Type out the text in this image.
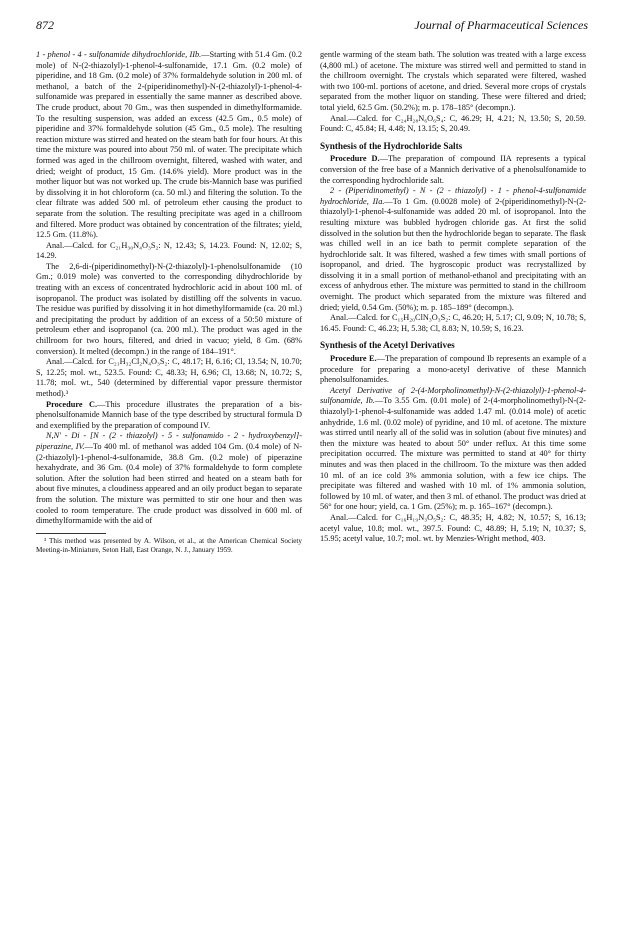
872	Journal of Pharmaceutical Sciences

1 - phenol - 4 - sulfonamide dihydrochloride, IIb.—Starting with 51.4 Gm. (0.2 mole) of N-(2-thiazolyl)-1-phenol-4-sulfonamide, 17.1 Gm. (0.2 mole) of piperidine, and 18 Gm. (0.2 mole) of 37% formaldehyde solution in 200 ml. of methanol, a batch of the 2-(piperidinomethyl)-N-(2-thiazolyl)-1-phenol-4-sulfonamide was prepared in essentially the same manner as described above. The crude product, about 70 Gm., was then suspended in dimethylformamide. To the resulting suspension, was added an excess (42.5 Gm., 0.5 mole) of piperidine and 37% formaldehyde solution (45 Gm., 0.5 mole). The resulting reaction mixture was stirred and heated on the steam bath for four hours. At this time the mixture was poured into about 750 ml. of water. The precipitate which formed was aged in the chillroom overnight, filtered, washed with water, and dried; weight of product, 15 Gm. (14.6% yield). More product was in the mother liquor but was not worked up. The crude bis-Mannich base was purified by dissolving it in hot chloroform (ca. 50 ml.) and filtering the solution. To the clear filtrate was added 500 ml. of petroleum ether causing the product to separate from the solution. The resulting precipitate was aged in a chillroom and filtered. More product was obtained by concentration of the filtrates; yield, 12.5 Gm. (11.8%).

Anal.—Calcd. for C₂₁H₃₀N₄O₃S₂: N, 12.43; S, 14.23. Found: N, 12.02; S, 14.29.

The 2,6-di-(piperidinomethyl)-N-(2-thiazolyl)-1-phenolsulfonamide (10 Gm.; 0.019 mole) was converted to the corresponding dihydrochloride by treating with an excess of concentrated hydrochloric acid in about 100 ml. of isopropanol. The product was isolated by distilling off the solvents in vacuo. The residue was purified by dissolving it in hot dimethylformamide (ca. 20 ml.) and precipitating the product by addition of an excess of a 50:50 mixture of petroleum ether and isopropanol (ca. 200 ml.). The product was aged in the chillroom for two hours, filtered, and dried in vacuo; yield, 8 Gm. (68% conversion). It melted (decompn.) in the range of 184–191°.

Anal.—Calcd. for C₂₁H₃₂Cl₂N₄O₃S₂: C, 48.17; H, 6.16; Cl, 13.54; N, 10.70; S, 12.25; mol. wt., 523.5. Found: C, 48.33; H, 6.96; Cl, 13.68; N, 10.72; S, 11.78; mol. wt., 540 (determined by differential vapor pressure thermistor method).³

Procedure C.—This procedure illustrates the preparation of a bis-phenolsulfonamide Mannich base of the type described by structural formula D and exemplified by the preparation of compound IV.

N,N′ - Di - [N - (2 - thiazolyl) - 5 - sulfonamido - 2 - hydroxybenzyl]-piperazine, IV.—To 400 ml. of methanol was added 104 Gm. (0.4 mole) of N-(2-thiazolyl)-1-phenol-4-sulfonamide, 38.8 Gm. (0.2 mole) of piperazine hexahydrate, and 36 Gm. (0.4 mole) of 37% formaldehyde to form complete solution. After the solution had been stirred and heated on a steam bath for about five minutes, a cloudiness appeared and an oily product began to separate from the solution. The mixture was permitted to stir one hour and then was cooled to room temperature. The crude product was dissolved in 600 ml. of dimethylformamide with the aid of

³ This method was presented by A. Wilson, et al., at the American Chemical Society Meeting-in-Miniature, Seton Hall, East Orange, N. J., January 1959.

gentle warming of the steam bath. The solution was treated with a large excess (4,800 ml.) of acetone. The mixture was stirred well and permitted to stand in the chillroom overnight. The crystals which separated were filtered, washed with two 100-ml. portions of acetone, and dried. Several more crops of crystals separated from the mother liquor on standing. These were filtered and dried; total yield, 62.5 Gm. (50.2%); m. p. 178–185° (decompn.).

Anal.—Calcd. for C₂₄H₂₈N₆O₆S₄: C, 46.29; H, 4.21; N, 13.50; S, 20.59. Found: C, 45.84; H, 4.48; N, 13.15; S, 20.49.

Synthesis of the Hydrochloride Salts

Procedure D.—The preparation of compound IIA represents a typical conversion of the free base of a Mannich derivative of a phenolsulfonamide to the corresponding hydrochloride salt.

2 - (Piperidinomethyl) - N - (2 - thiazolyl) - 1 - phenol-4-sulfonamide hydrochloride, IIa.—To 1 Gm. (0.0028 mole) of 2-(piperidinomethyl)-N-(2-thiazolyl)-1-phenol-4-sulfonamide was added 20 ml. of isopropanol. Into the resulting mixture was bubbled hydrogen chloride gas. At first the solid dissolved in the solution but then the hydrochloride began to separate. The flask was chilled well in an ice bath to permit complete separation of the hydrochloride salt. It was filtered, washed a few times with small portions of isopropanol, and dried. The hygroscopic product was recrystallized by dissolving it in a small portion of methanol-ethanol and precipitating with an excess of anhydrous ether. The mixture was permitted to stand in the chillroom overnight. The product which separated from the mixture was filtered and dried; yield, 0.54 Gm. (50%); m. p. 185–189° (decompn.).

Anal.—Calcd. for C₁₅H₂₀ClN₃O₃S₂: C, 46.20; H, 5.17; Cl, 9.09; N, 10.78; S, 16.45. Found: C, 46.23; H, 5.38; Cl, 8.83; N, 10.59; S, 16.23.

Synthesis of the Acetyl Derivatives

Procedure E.—The preparation of compound Ib represents an example of a procedure for preparing a mono-acetyl derivative of these Mannich phenolsulfonamides.

Acetyl Derivative of 2-(4-Morpholinomethyl)-N-(2-thiazolyl)-1-phenol-4-sulfonamide, Ib.—To 3.55 Gm. (0.01 mole) of 2-(4-morpholinomethyl)-N-(2-thiazolyl)-1-phenol-4-sulfonamide was added 1.47 ml. (0.014 mole) of acetic anhydride, 1.6 ml. (0.02 mole) of pyridine, and 10 ml. of acetone. The mixture was stirred until nearly all of the solid was in solution (about five minutes) and then the mixture was heated to about 50° under reflux. At this time some precipitation occurred. The mixture was permitted to stand at 40° for thirty minutes and was then placed in the chillroom. To the mixture was then added 10 ml. of an ice cold 3% ammonia solution, with a few ice chips. The precipitate was filtered and washed with 10 ml. of 1% ammonia solution, followed by 10 ml. of water, and then 3 ml. of ethanol. The product was dried at 56° for one hour; yield, ca. 1 Gm. (25%); m. p. 165–167° (decompn.).

Anal.—Calcd. for C₁₆H₁₉N₃O₅S₂: C, 48.35; H, 4.82; N, 10.57; S, 16.13; acetyl value, 10.8; mol. wt., 397.5. Found: C, 48.89; H, 5.19; N, 10.37; S, 15.95; acetyl value, 10.7; mol. wt. by Menzies-Wright method, 403.
